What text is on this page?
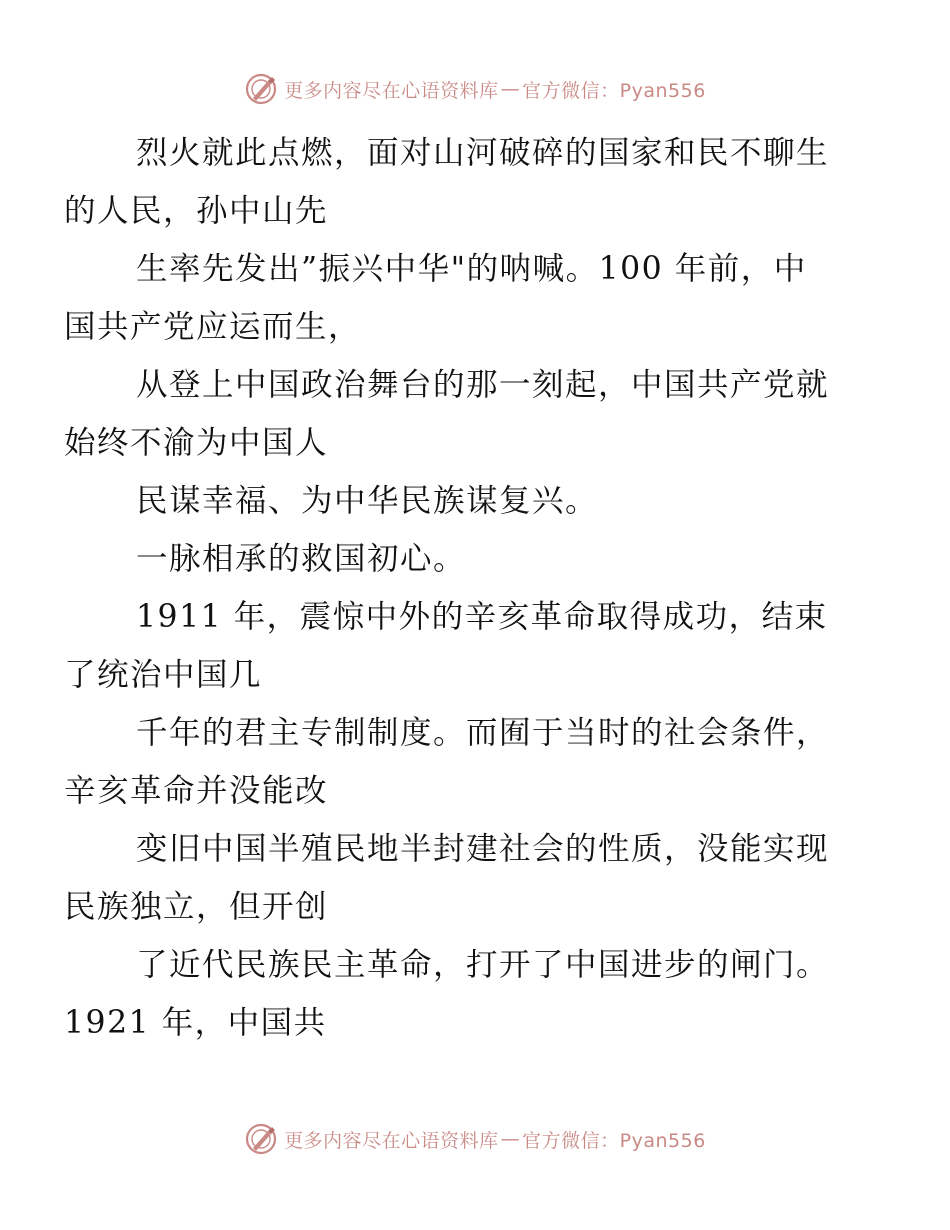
更多内容尽在心语资料库 — 官方微信：Pyan556

烈火就此点燃，面对山河破碎的国家和民不聊生
的人民，孙中山先

生率先发出”振兴中华"的呐喊。100 年前，中
国共产党应运而生，

从登上中国政治舞台的那一刻起，中国共产党就
始终不渝为中国人

民谋幸福、为中华民族谋复兴。

一脉相承的救国初心。

1911 年，震惊中外的辛亥革命取得成功，结束
了统治中国几

千年的君主专制制度。而囿于当时的社会条件，
辛亥革命并没能改

变旧中国半殖民地半封建社会的性质，没能实现
民族独立，但开创

了近代民族民主革命，打开了中国进步的闸门。
1921 年，中国共

更多内容尽在心语资料库 — 官方微信：Pyan556
